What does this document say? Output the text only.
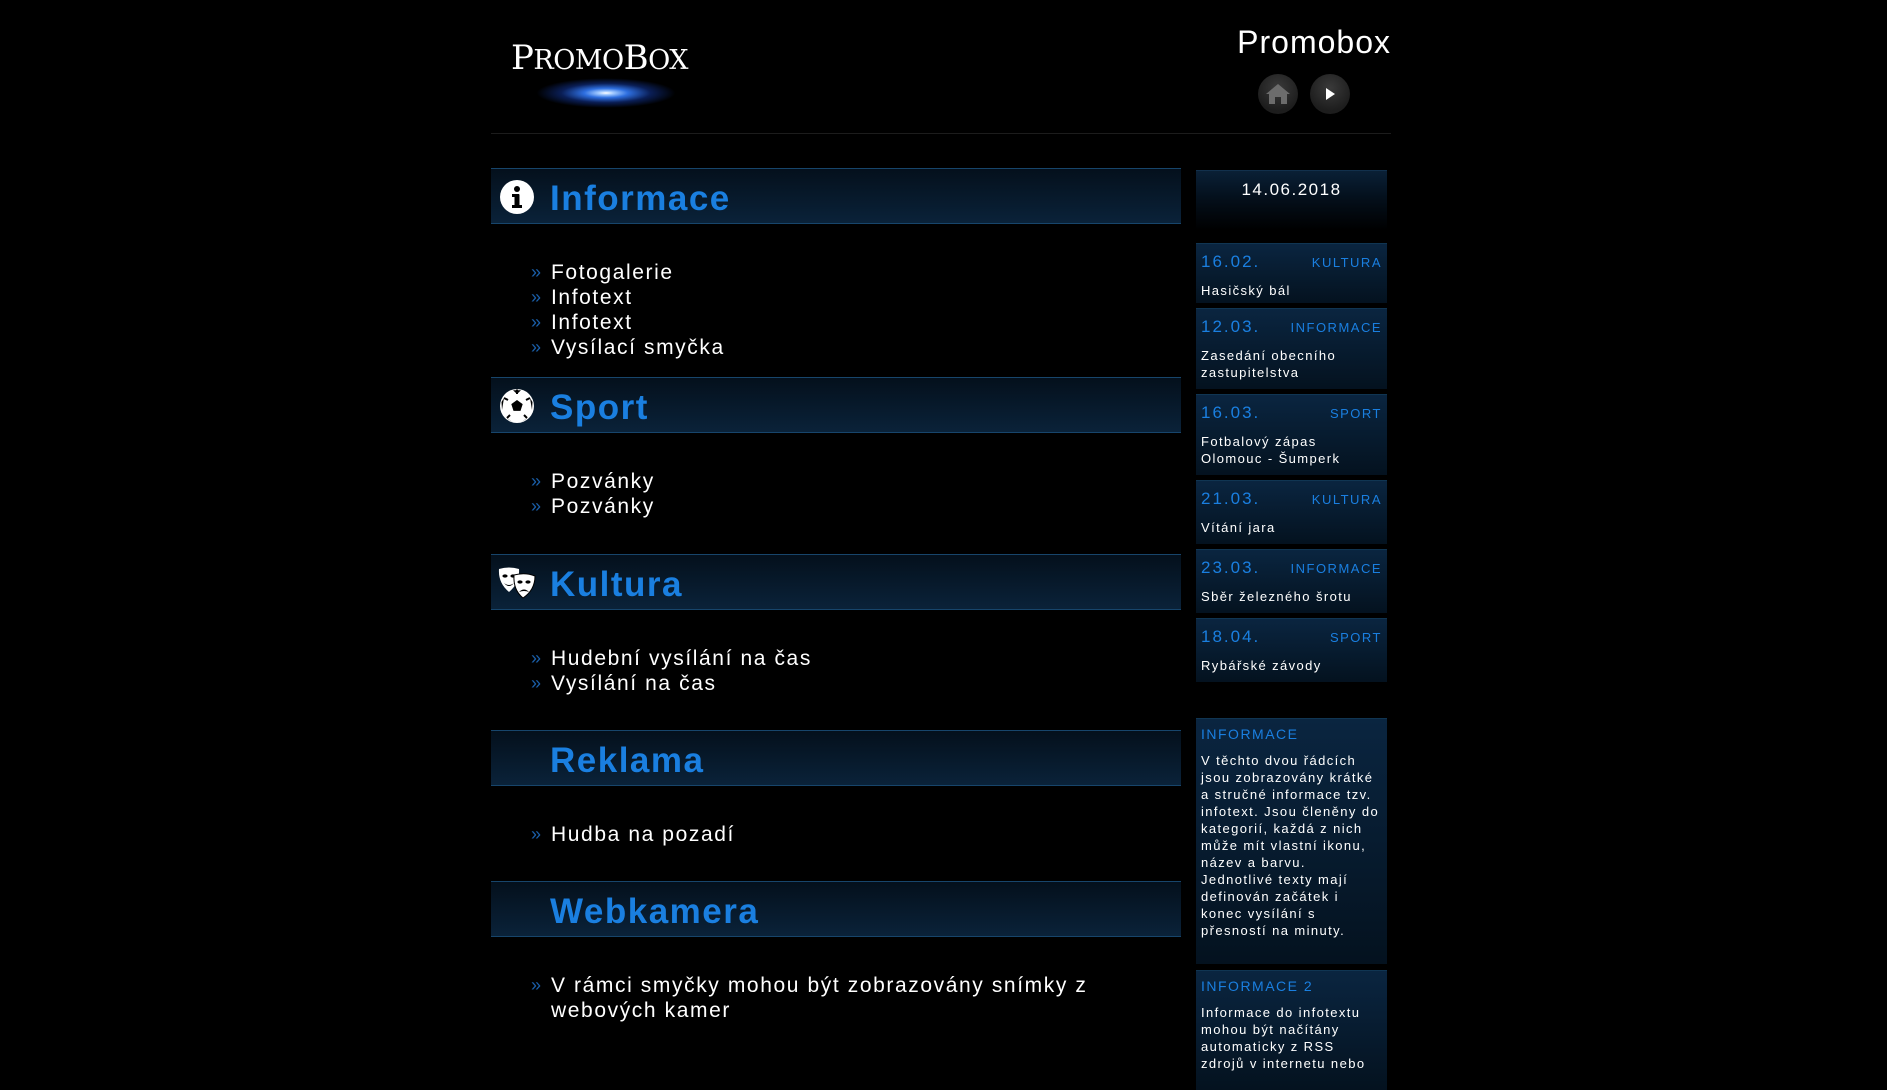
PROMOBOX
Promobox
Informace
» Fotogalerie
» Infotext
» Infotext
» Vysílací smyčka
Sport
» Pozvánky
» Pozvánky
Kultura
» Hudební vysílání na čas
» Vysílání na čas
Reklama
» Hudba na pozadí
Webkamera
» V rámci smyčky mohou být zobrazovány snímky z webových kamer
14.06.2018
16.02.	KULTURA
Hasičský bál
12.03. INFORMACE
Zasedání obecního zastupitelstva
16.03.	SPORT
Fotbalový zápas Olomouc - Šumperk
21.03.	KULTURA
Vítání jara
23.03. INFORMACE
Sběr železného šrotu
18.04.	SPORT
Rybářské závody
INFORMACE
V těchto dvou řádcích jsou zobrazovány krátké a stručné informace tzv. infotext. Jsou členěny do kategorií, každá z nich může mít vlastní ikonu, název a barvu. Jednotlivé texty mají definován začátek i konec vysílání s přesností na minuty.
INFORMACE 2
Informace do infotextu mohou být načítány automaticky z RSS zdrojů v internetu nebo
